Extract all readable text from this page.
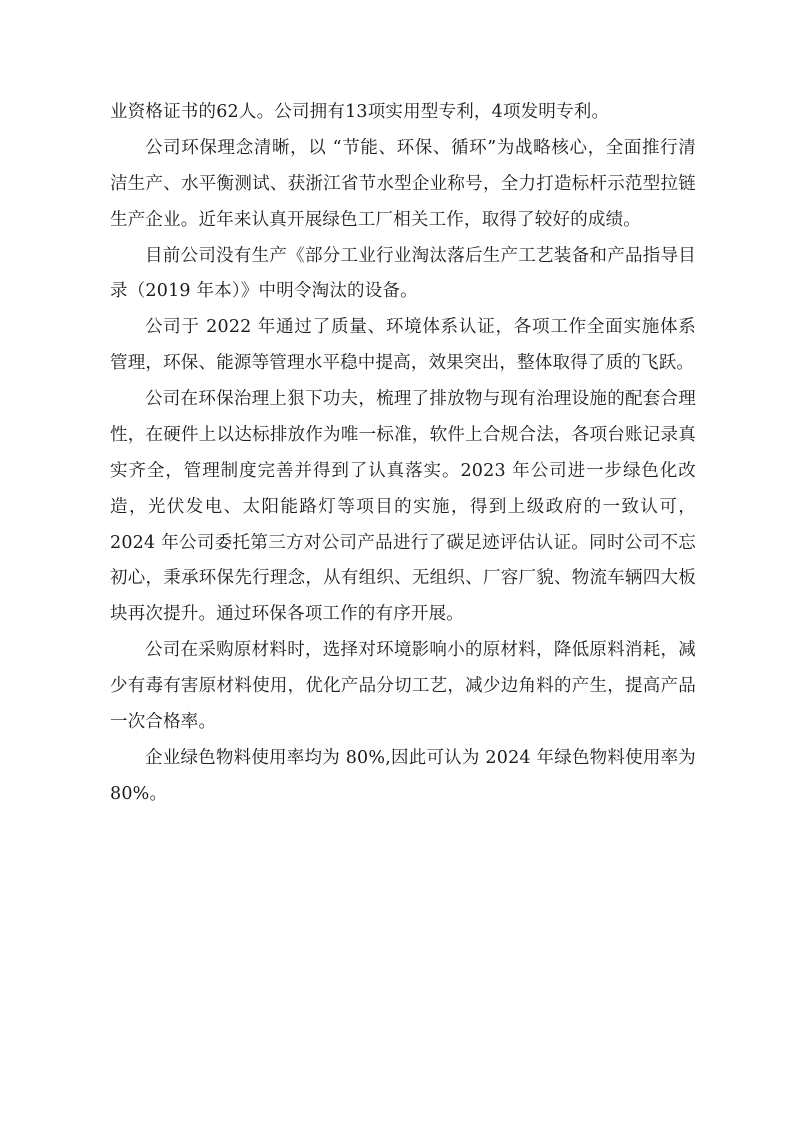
业资格证书的62人。公司拥有13项实用型专利，4项发明专利。

公司环保理念清晰，以 “节能、环保、循环”为战略核心，全面推行清洁生产、水平衡测试、获浙江省节水型企业称号，全力打造标杆示范型拉链生产企业。近年来认真开展绿色工厂相关工作，取得了较好的成绩。

目前公司没有生产《部分工业行业淘汰落后生产工艺装备和产品指导目录（2019 年本）》中明令淘汰的设备。

公司于 2022 年通过了质量、环境体系认证，各项工作全面实施体系管理，环保、能源等管理水平稳中提高，效果突出，整体取得了质的飞跃。

公司在环保治理上狠下功夫，梳理了排放物与现有治理设施的配套合理性，在硬件上以达标排放作为唯一标准，软件上合规合法，各项台账记录真实齐全，管理制度完善并得到了认真落实。2023 年公司进一步绿色化改造，光伏发电、太阳能路灯等项目的实施，得到上级政府的一致认可，2024 年公司委托第三方对公司产品进行了碳足迹评估认证。同时公司不忘初心，秉承环保先行理念，从有组织、无组织、厂容厂貌、物流车辆四大板块再次提升。通过环保各项工作的有序开展。

公司在采购原材料时，选择对环境影响小的原材料，降低原料消耗，减少有毒有害原材料使用，优化产品分切工艺，减少边角料的产生，提高产品一次合格率。

企业绿色物料使用率均为 80%,因此可认为 2024 年绿色物料使用率为 80%。
